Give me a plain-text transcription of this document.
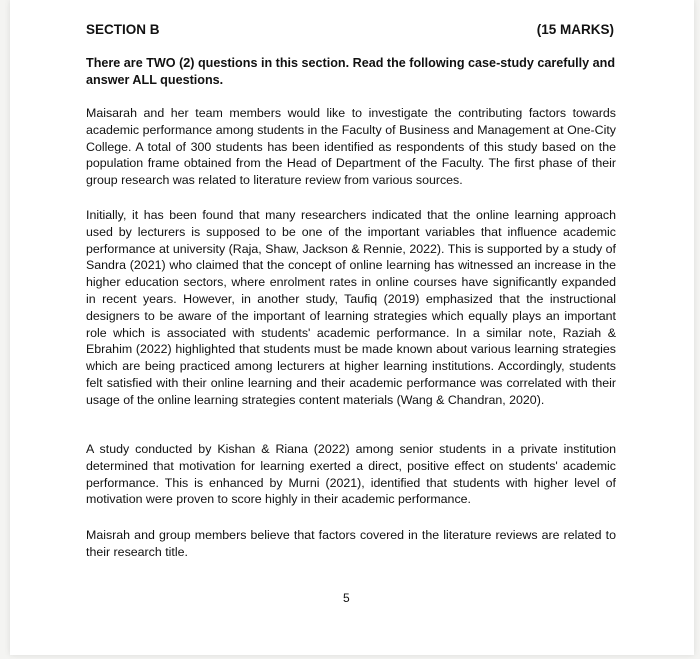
SECTION B	(15 MARKS)
There are TWO (2) questions in this section. Read the following case-study carefully and answer ALL questions.

Maisarah and her team members would like to investigate the contributing factors towards academic performance among students in the Faculty of Business and Management at One-City College. A total of 300 students has been identified as respondents of this study based on the population frame obtained from the Head of Department of the Faculty. The first phase of their group research was related to literature review from various sources.

Initially, it has been found that many researchers indicated that the online learning approach used by lecturers is supposed to be one of the important variables that influence academic performance at university (Raja, Shaw, Jackson & Rennie, 2022). This is supported by a study of Sandra (2021) who claimed that the concept of online learning has witnessed an increase in the higher education sectors, where enrolment rates in online courses have significantly expanded in recent years. However, in another study, Taufiq (2019) emphasized that the instructional designers to be aware of the important of learning strategies which equally plays an important role which is associated with students' academic performance. In a similar note, Raziah & Ebrahim (2022) highlighted that students must be made known about various learning strategies which are being practiced among lecturers at higher learning institutions. Accordingly, students felt satisfied with their online learning and their academic performance was correlated with their usage of the online learning strategies content materials (Wang & Chandran, 2020).

A study conducted by Kishan & Riana (2022) among senior students in a private institution determined that motivation for learning exerted a direct, positive effect on students' academic performance. This is enhanced by Murni (2021), identified that students with higher level of motivation were proven to score highly in their academic performance.

Maisrah and group members believe that factors covered in the literature reviews are related to their research title.

5
